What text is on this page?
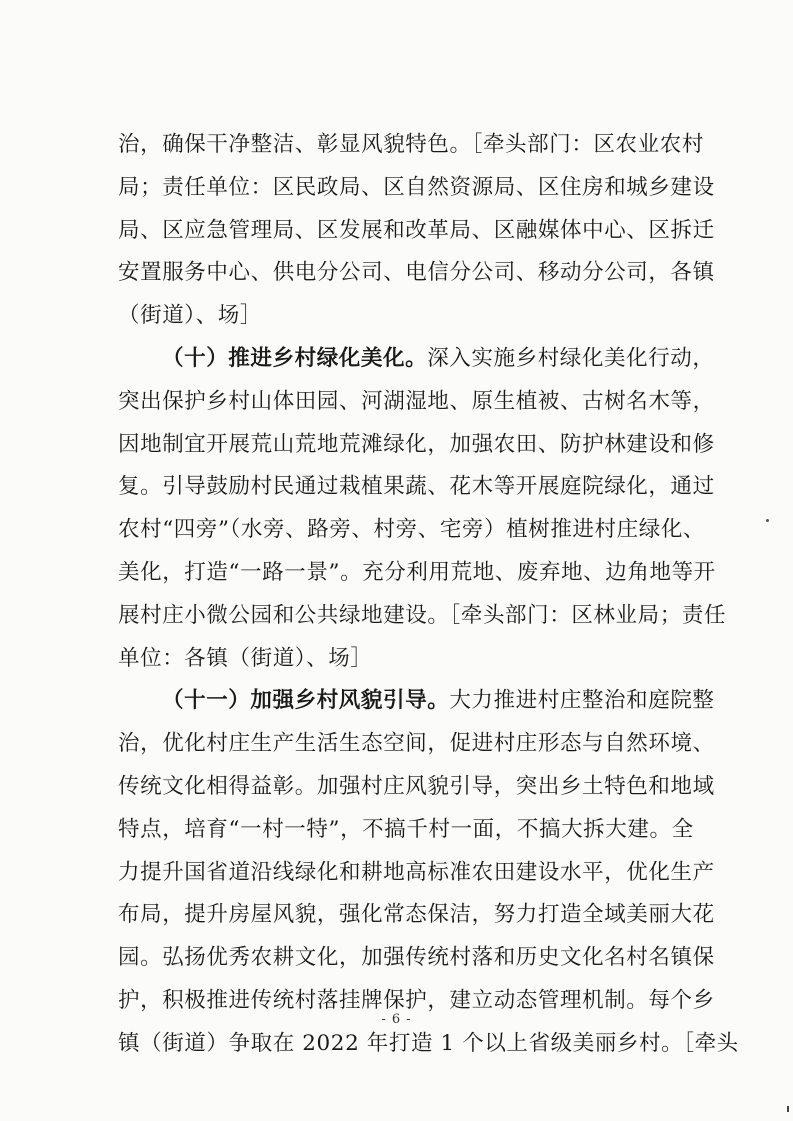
治，确保干净整洁、彰显风貌特色。［牵头部门：区农业农村
局；责任单位：区民政局、区自然资源局、区住房和城乡建设
局、区应急管理局、区发展和改革局、区融媒体中心、区拆迁
安置服务中心、供电分公司、电信分公司、移动分公司，各镇
（街道）、场］
（十）推进乡村绿化美化。深入实施乡村绿化美化行动，
突出保护乡村山体田园、河湖湿地、原生植被、古树名木等，
因地制宜开展荒山荒地荒滩绿化，加强农田、防护林建设和修
复。引导鼓励村民通过栽植果蔬、花木等开展庭院绿化，通过
农村“四旁”（水旁、路旁、村旁、宅旁）植树推进村庄绿化、
美化，打造“一路一景”。充分利用荒地、废弃地、边角地等开
展村庄小微公园和公共绿地建设。［牵头部门：区林业局；责任
单位：各镇（街道）、场］
（十一）加强乡村风貌引导。大力推进村庄整治和庭院整
治，优化村庄生产生活生态空间，促进村庄形态与自然环境、
传统文化相得益彰。加强村庄风貌引导，突出乡土特色和地域
特点，培育“一村一特”，不搞千村一面，不搞大拆大建。全
力提升国省道沿线绿化和耕地高标准农田建设水平，优化生产
布局，提升房屋风貌，强化常态保洁，努力打造全域美丽大花
园。弘扬优秀农耕文化，加强传统村落和历史文化名村名镇保
护，积极推进传统村落挂牌保护，建立动态管理机制。每个乡
镇（街道）争取在 2022 年打造 1 个以上省级美丽乡村。［牵头
- 6 -
